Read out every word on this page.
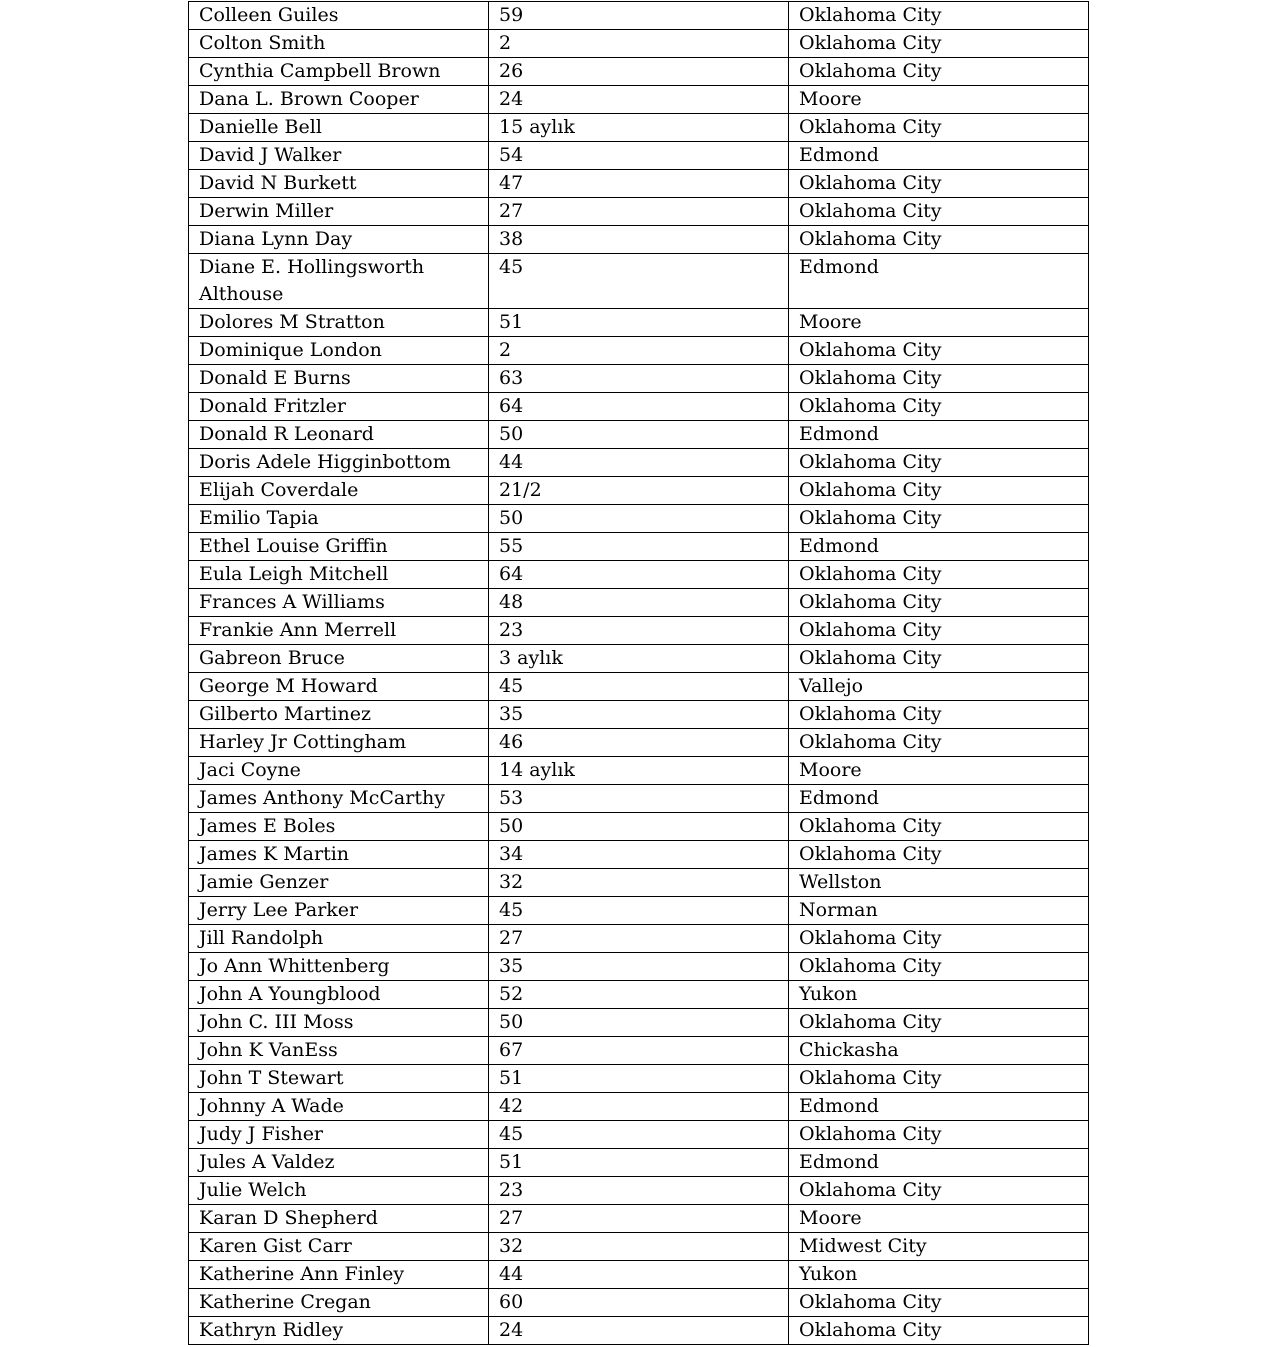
Colleen Guiles	59	Oklahoma City
Colton Smith	2	Oklahoma City
Cynthia Campbell Brown	26	Oklahoma City
Dana L. Brown Cooper	24	Moore
Danielle Bell	15 aylık	Oklahoma City
David J Walker	54	Edmond
David N Burkett	47	Oklahoma City
Derwin Miller	27	Oklahoma City
Diana Lynn Day	38	Oklahoma City
Diane E. Hollingsworth Althouse	45	Edmond
Dolores M Stratton	51	Moore
Dominique London	2	Oklahoma City
Donald E Burns	63	Oklahoma City
Donald Fritzler	64	Oklahoma City
Donald R Leonard	50	Edmond
Doris Adele Higginbottom	44	Oklahoma City
Elijah Coverdale	21/2	Oklahoma City
Emilio Tapia	50	Oklahoma City
Ethel Louise Griffin	55	Edmond
Eula Leigh Mitchell	64	Oklahoma City
Frances A Williams	48	Oklahoma City
Frankie Ann Merrell	23	Oklahoma City
Gabreon Bruce	3 aylık	Oklahoma City
George M Howard	45	Vallejo
Gilberto Martinez	35	Oklahoma City
Harley Jr Cottingham	46	Oklahoma City
Jaci Coyne	14 aylık	Moore
James Anthony McCarthy	53	Edmond
James E Boles	50	Oklahoma City
James K Martin	34	Oklahoma City
Jamie Genzer	32	Wellston
Jerry Lee Parker	45	Norman
Jill Randolph	27	Oklahoma City
Jo Ann Whittenberg	35	Oklahoma City
John A Youngblood	52	Yukon
John C. III Moss	50	Oklahoma City
John K VanEss	67	Chickasha
John T Stewart	51	Oklahoma City
Johnny A Wade	42	Edmond
Judy J Fisher	45	Oklahoma City
Jules A Valdez	51	Edmond
Julie Welch	23	Oklahoma City
Karan D Shepherd	27	Moore
Karen Gist Carr	32	Midwest City
Katherine Ann Finley	44	Yukon
Katherine Cregan	60	Oklahoma City
Kathryn Ridley	24	Oklahoma City
